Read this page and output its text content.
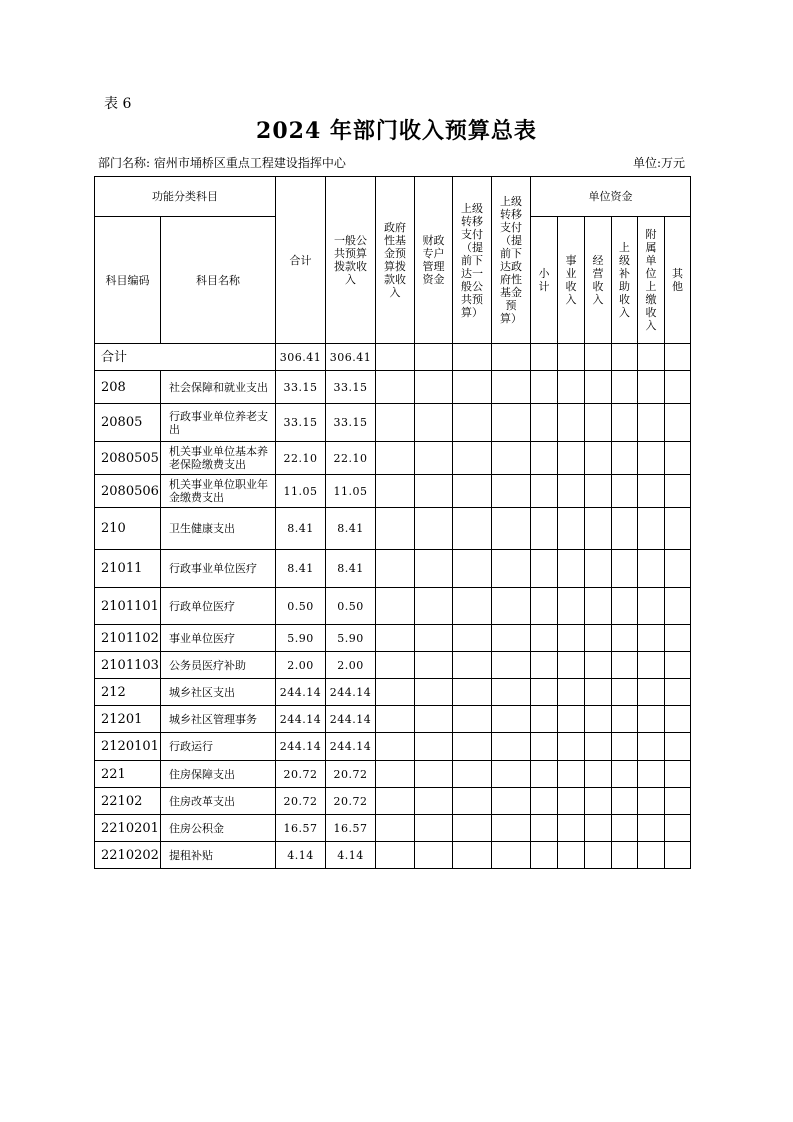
表 6
2024 年部门收入预算总表
部门名称: 宿州市埇桥区重点工程建设指挥中心	单位:万元
功能分类科目		合计	一般公共预算拨款收入	政府性基金预算拨款收入	财政专户管理资金	上级转移支付（提前下达一般公共预算）	上级转移支付（提前下达政府性基金预算）	单位资金					
科目编码	科目名称							小计	事业收入	经营收入	上级补助收入	附属单位上缴收入	其他
合计		306.41	306.41										
208	社会保障和就业支出	33.15	33.15										
20805	行政事业单位养老支出	33.15	33.15										
2080505	机关事业单位基本养老保险缴费支出	22.10	22.10										
2080506	机关事业单位职业年金缴费支出	11.05	11.05										
210	卫生健康支出	8.41	8.41										
21011	行政事业单位医疗	8.41	8.41										
2101101	行政单位医疗	0.50	0.50										
2101102	事业单位医疗	5.90	5.90										
2101103	公务员医疗补助	2.00	2.00										
212	城乡社区支出	244.14	244.14										
21201	城乡社区管理事务	244.14	244.14										
2120101	行政运行	244.14	244.14										
221	住房保障支出	20.72	20.72										
22102	住房改革支出	20.72	20.72										
2210201	住房公积金	16.57	16.57										
2210202	提租补贴	4.14	4.14										
